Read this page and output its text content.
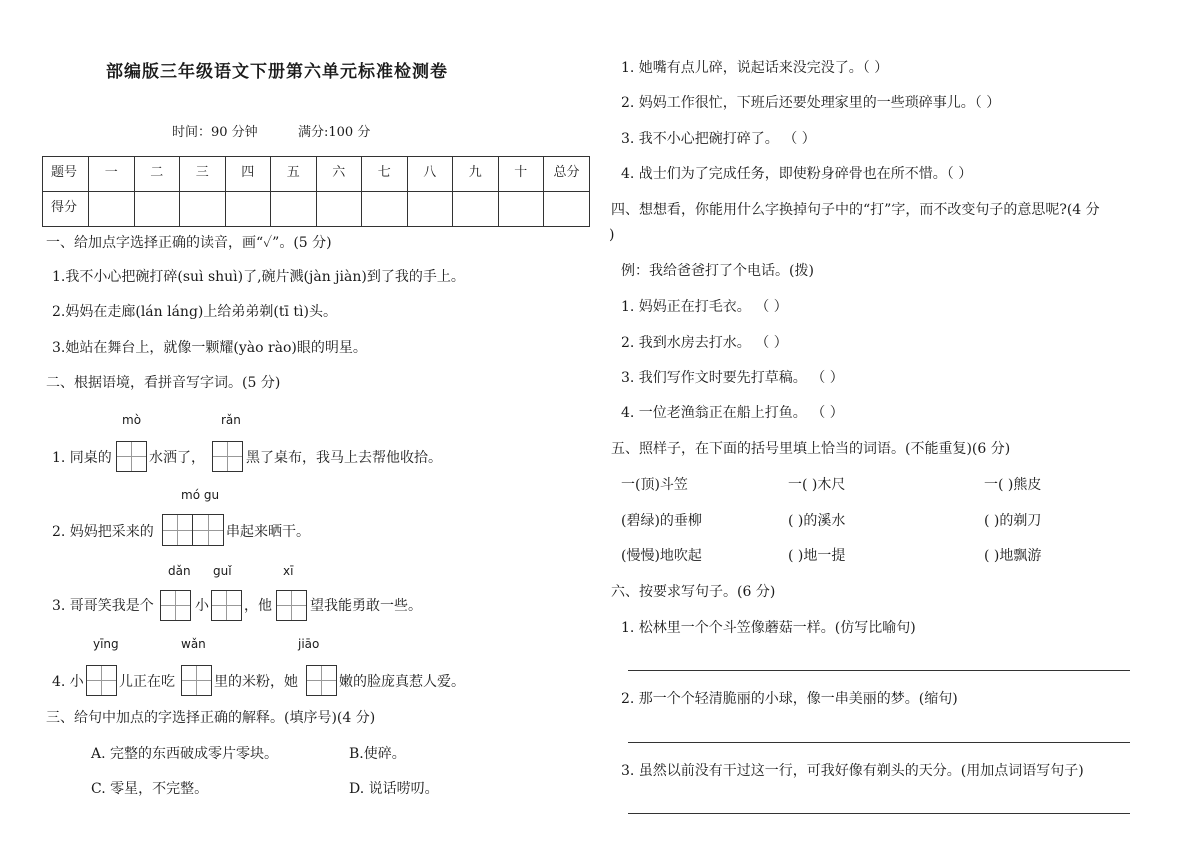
部编版三年级语文下册第六单元标准检测卷
时间：90 分钟	满分:100 分
题号	一	二	三	四	五	六	七	八	九	十	总分
得分											
一、给加点字选择正确的读音，画“✓”。(5 分)
1.我不小心把碗打碎(suì shuì)了,碗片溅(jàn jiàn)到了我的手上。
2.妈妈在走廊(lán láng)上给弟弟剃(tī tì)头。
3.她站在舞台上，就像一颗耀(yào rào)眼的明星。
二、根据语境，看拼音写字词。(5 分)
mò	rǎn
1. 同桌的	水洒了，	黑了桌布，我马上去帮他收拾。
mó gu
2. 妈妈把采来的	串起来晒干。
dǎn guǐ	xī
3. 哥哥笑我是个	小	，他	望我能勇敢一些。
yīng	wǎn	jiāo
4. 小	儿正在吃	里的米粉，她	嫩的脸庞真惹人爱。
三、给句中加点的字选择正确的解释。(填序号)(4 分)
A. 完整的东西破成零片零块。	B.使碎。
C. 零星，不完整。	D. 说话唠叨。
1. 她嘴有点儿碎，说起话来没完没了。（ ）
2. 妈妈工作很忙，下班后还要处理家里的一些琐碎事儿。（ ）
3. 我不小心把碗打碎了。 （ ）
4. 战士们为了完成任务，即使粉身碎骨也在所不惜。（ ）
四、想想看，你能用什么字换掉句子中的“打”字，而不改变句子的意思呢?(4 分
)
例：我给爸爸打了个电话。(拨)
1. 妈妈正在打毛衣。 （ ）
2. 我到水房去打水。 （ ）
3. 我们写作文时要先打草稿。 （ ）
4. 一位老渔翁正在船上打鱼。 （ ）
五、照样子，在下面的括号里填上恰当的词语。(不能重复)(6 分)
一(顶)斗笠	一( )木尺	一( )熊皮
(碧绿)的垂柳	( )的溪水	( )的剃刀
(慢慢)地吹起	( )地一提	( )地飘游
六、按要求写句子。(6 分)
1. 松林里一个个斗笠像蘑菇一样。(仿写比喻句)
2. 那一个个轻清脆丽的小球，像一串美丽的梦。(缩句)
3. 虽然以前没有干过这一行，可我好像有剃头的天分。(用加点词语写句子)
